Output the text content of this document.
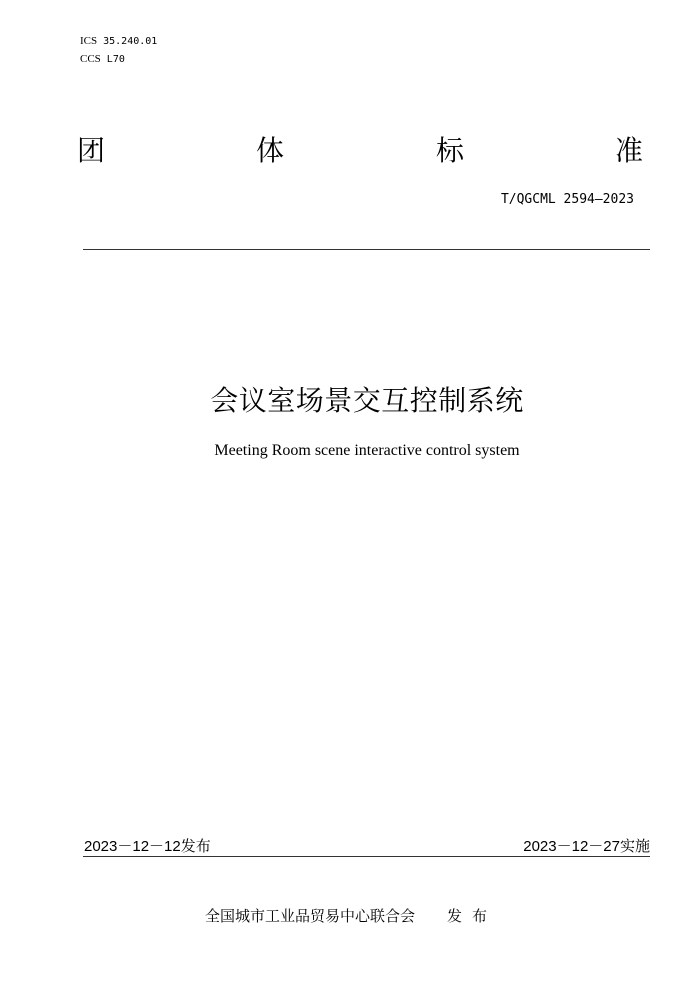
ICS 35.240.01
CCS L70
团	体	标	准
T/QGCML 2594—2023
会议室场景交互控制系统
Meeting Room scene interactive control system
2023－12－12发布	2023－12－27实施
全国城市工业品贸易中心联合会 发布
